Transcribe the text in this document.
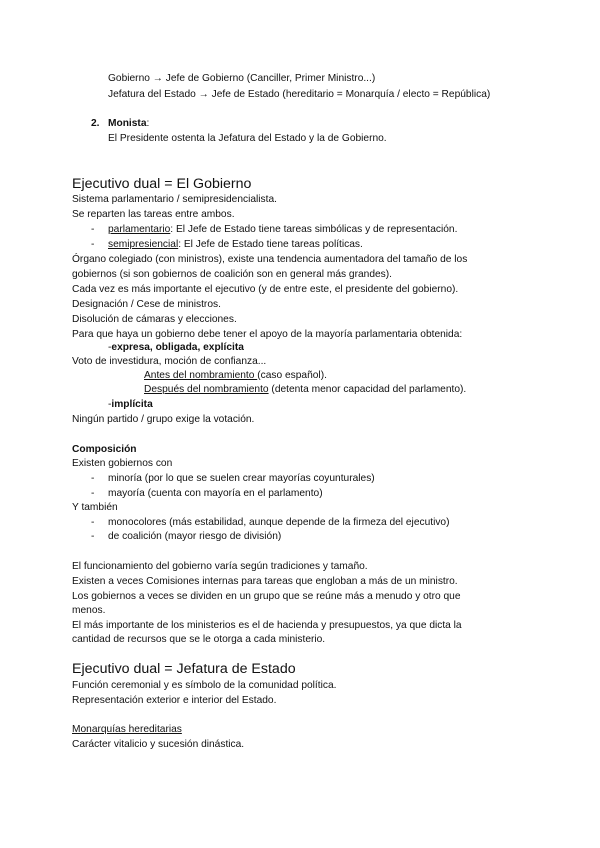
Gobierno → Jefe de Gobierno (Canciller, Primer Ministro...)
Jefatura del Estado → Jefe de Estado (hereditario = Monarquía / electo = República)
2. Monista:
El Presidente ostenta la Jefatura del Estado y la de Gobierno.
Ejecutivo dual = El Gobierno
Sistema parlamentario / semipresidencialista.
Se reparten las tareas entre ambos.
- parlamentario: El Jefe de Estado tiene tareas simbólicas y de representación.
- semipresiencial: El Jefe de Estado tiene tareas políticas.
Órgano colegiado (con ministros), existe una tendencia aumentadora del tamaño de los
gobiernos (si son gobiernos de coalición son en general más grandes).
Cada vez es más importante el ejecutivo (y de entre este, el presidente del gobierno).
Designación / Cese de ministros.
Disolución de cámaras y elecciones.
Para que haya un gobierno debe tener el apoyo de la mayoría parlamentaria obtenida:
-expresa, obligada, explícita
Voto de investidura, moción de confianza...
Antes del nombramiento (caso español).
Después del nombramiento (detenta menor capacidad del parlamento).
-implícita
Ningún partido / grupo exige la votación.
Composición
Existen gobiernos con
- minoría (por lo que se suelen crear mayorías coyunturales)
- mayoría (cuenta con mayoría en el parlamento)
Y también
- monocolores (más estabilidad, aunque depende de la firmeza del ejecutivo)
- de coalición (mayor riesgo de división)
El funcionamiento del gobierno varía según tradiciones y tamaño.
Existen a veces Comisiones internas para tareas que engloban a más de un ministro.
Los gobiernos a veces se dividen en un grupo que se reúne más a menudo y otro que
menos.
El más importante de los ministerios es el de hacienda y presupuestos, ya que dicta la
cantidad de recursos que se le otorga a cada ministerio.
Ejecutivo dual = Jefatura de Estado
Función ceremonial y es símbolo de la comunidad política.
Representación exterior e interior del Estado.
Monarquías hereditarias
Carácter vitalicio y sucesión dinástica.
